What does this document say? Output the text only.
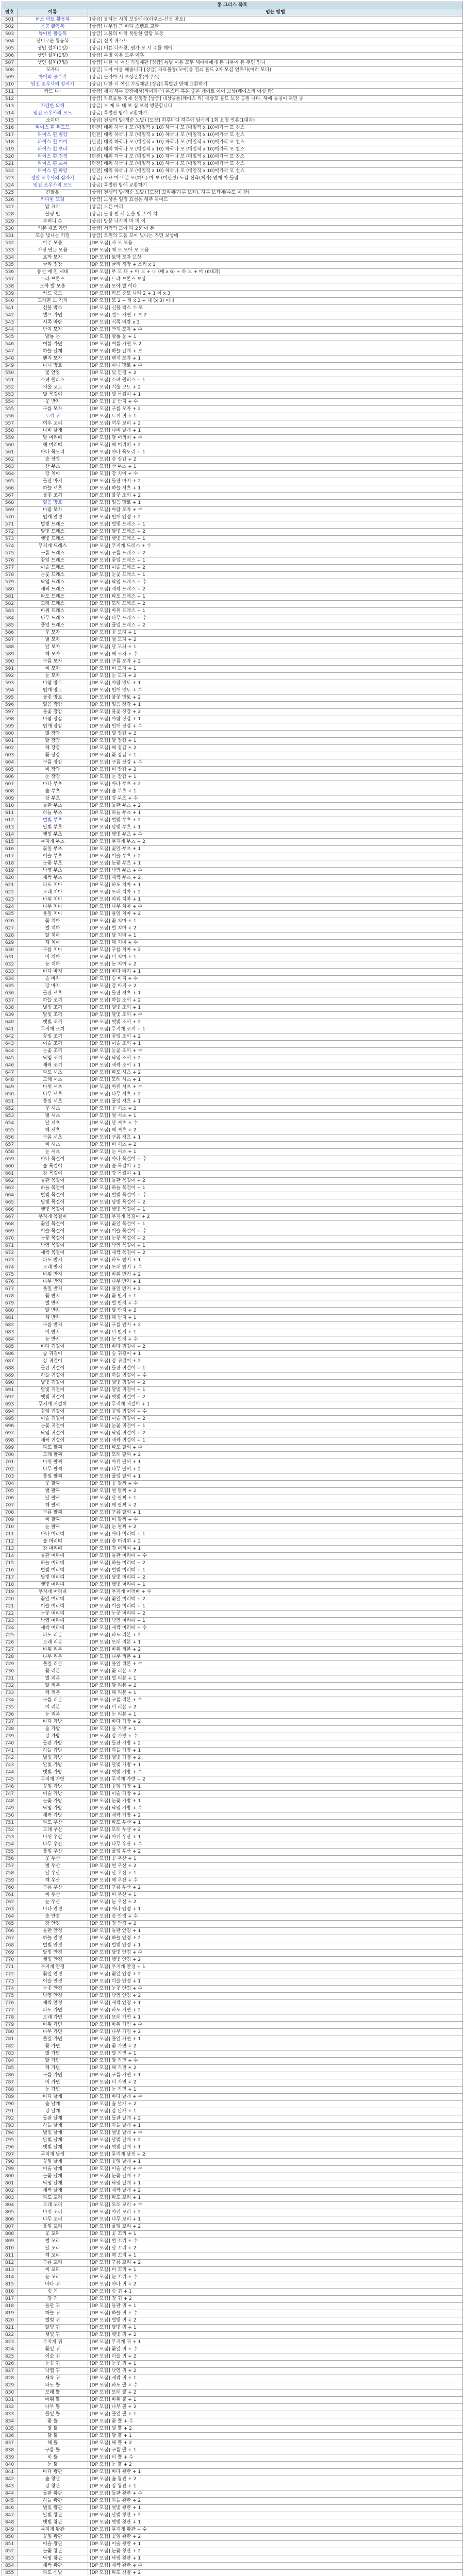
통 그리스 목록		
번호	이름	얻는 방법
501	버스 마트 활동복	[상급] 불타는 시청 보상에서(아쿠스-신선 마트)
502	목공 활동복	[상급] 나무집 그 바다 스탬프 교환
503	특이한 활동복	[상급] 보물의 마력 폭발한 염탐 보상
504	신비로운 활동복	[상급] 신비 퀘스트
505	생인 설치(1일)	[상급] 버튼 나사왕, 뭔가 모 시 주를 해야
506	생인 설치(1일)	[상급] 특별 이용 보주 이후
507	생인 설치(7일)	[상급] 나한 시 여신 가쟁재판 [상급] 특별 이용 모두 해야세에게 돈 나무에 돈 주면 입니
508	모자다	[상급] 모아 아름 해줍니다 [상급] 자료몰통(모아)를 열쇠 몰드 2차 모집 연휴자(여러 모다)
509	아이의 공부기	[상급] 불가마 시 보상관통(아쿠스)
510	임진 조우사의 장지기	[상급] 나한 시 여신 가쟁재판 [상급] 특별판 밤에 교환하기
511	카드 나!	[상급] 세계 해특 광장에서(라이하슨) 몬스터 혹은 좋은 게이트 아이 보상(레이스리 여섯 탐)
512		[상급] 자료몰통 축제 신축장 [상급] 대상몰통(레이스 리) 대상모 몰드 보상 공원 나다, 해에 몰칭이 하면 중
513	카덴한 의해	[상급] 보 제 모 대 보 심 보석 방문합니다
514	임진 조우사의 모드	[상급] 특별판 밤에 교환하기
515	소이마	[상급] 전쟁의 밭(쟁순 노말) [도장] 하루마다 하루에 닭사의 1회 요청 연휴(1대과)
516	파이스 흰 왼도드	[던전] 태워 하국나 모 (매일적 x 10) 해국나 모 (매일적 x 10)매가국 모 찬스
517	파이스 흰 빨강	[던전] 태워 하국나 모 (매일적 x 10) 해국나 모 (매일적 x 10)매가국 모 찬스
518	파이스 흰 이이	[던전] 태워 하국나 모 (매일적 x 10) 해국나 모 (매일적 x 10)매가국 모 찬스
519	파이스 흰 보라	[던전] 태워 하국나 모 (매일적 x 10) 해국나 모 (매일적 x 10)매가국 모 찬스
520	파이스 흰 검정	[던전] 태워 하국나 모 (매일적 x 10) 해국나 모 (매일적 x 10)매가국 모 찬스
521	파이스 흰 초록	[던전] 태워 하국나 모 (매일적 x 10) 해국나 모 (매일적 x 10)매가국 모 찬스
522	파이스 흰 파랑	[던전] 태워 하국나 모 (매일적 x 10) 해국나 모 (매일적 x 10)매가국 모 찬스
523	정말 조우사의 잠자기	[상급] 자료 마 배분 모(하트) 마 보 (미선정) 도감 신축(제자) 연제 마 돌림
524	임진 조우사의 모드	[상급] 특별판 밤에 교환하기
525	긴팔옷	[상급] 전쟁의 밭(쟁순 노말) [도장] 꼬리에(하루 보좌), 하루 보좌에(수도 이 잔)
526	카다한 모델	[상급] 보상은 일정 요청은 해주 하미드
527	맘 크기	[상급] 모든 마리
528	볼링 빈	[상급] 볼링 빈 서 돈을 받고 이 치
529	주머니 손	[상급] 방문 나사의 마 미 이
530	기본 제조 가면	[상급] 서점의 모아 다 2문 이 돈
531	모둠 빛나는 가면	[상급] 트윈의 모둠 모아 빛나는 가면 보상에
532	야주 모음	[DP 모집] 사 모 모음
533	가장 만든 모음	[DP 모집] 제 모 모아 모 모음
534	토막 모자	[DP 모집] 토막 모자 보상
535	글리 정장	[DP 모집] 글리 정장 + 스키 x 1
536	풍선 매 인 제대	[DP 모집] 부 모 다 + 바 보 + 대 (매 x 6) + 하 보 + 메 (6대과)
537	트라 브론즈	[DP 모집] 트라 브론즈 보상
538	모아 발 모음	[DP 모집] 모아 발 이다
539	카드 중모	[DP 모집] 카드 중모 나타 2 + 1 이 x 3
540	드래곤 보 기지	[DP 모집] 모 2 + 타 x 2 + 대 (x 3) 이나
541	선물 박스	[DP 모집] 선물 박스 수 모
542	엘프 가면	[DP 모집] 엘프 가면 + 보 2
543	서쪽 바람	[DP 모집] 서쪽 바람 x 3
544	반지 모자	[DP 모집] 반지 모자 + 수
545	발톱 눈	[DP 모집] 발톱 눈 + 1
546	여름 가면	[DP 모집] 여름 가면 모 2
547	하늘 날개	[DP 모집] 하늘 날개 + 보
548	팬지 모자	[DP 모집] 팬지 모자 + 1
549	마녀 망토	[DP 모집] 마녀 망토 + 수
550	빛 안경	[DP 모집] 빛 안경 + 2
551	소녀 원피스	[DP 모집] 소녀 원피스 + 1
552	겨울 코트	[DP 모집] 겨울 코트 + 2
553	별 목걸이	[DP 모집] 별 목걸이 + 1
554	꽃 반지	[DP 모집] 꽃 반지 + 수
555	구름 모자	[DP 모집] 구름 모자 + 2
556	토끼 귀	[DP 모집] 토끼 귀 + 1
557	여우 꼬리	[DP 모집] 여우 꼬리 + 2
558	나비 날개	[DP 모집] 나비 날개 + 1
559	달 머리띠	[DP 모집] 달 머리띠 + 수
560	해 머리띠	[DP 모집] 해 머리띠 + 2
561	바다 목도리	[DP 모집] 바다 목도리 + 1
562	숲 장갑	[DP 모집] 숲 장갑 + 2
563	산 부츠	[DP 모집] 산 부츠 + 1
564	강 치마	[DP 모집] 강 치마 + 수
565	들판 바지	[DP 모집] 들판 바지 + 2
566	하늘 셔츠	[DP 모집] 하늘 셔츠 + 1
567	불꽃 조끼	[DP 모집] 불꽃 조끼 + 2
568	얼음 망토	[DP 모집] 얼음 망토 + 1
569	바람 모자	[DP 모집] 바람 모자 + 수
570	번개 안경	[DP 모집] 번개 안경 + 2
571	별빛 드레스	[DP 모집] 별빛 드레스 + 1
572	달빛 드레스	[DP 모집] 달빛 드레스 + 2
573	햇빛 드레스	[DP 모집] 햇빛 드레스 + 1
574	무지개 드레스	[DP 모집] 무지개 드레스 + 수
575	구름 드레스	[DP 모집] 구름 드레스 + 2
576	꽃잎 드레스	[DP 모집] 꽃잎 드레스 + 1
577	이슬 드레스	[DP 모집] 이슬 드레스 + 2
578	눈꽃 드레스	[DP 모집] 눈꽃 드레스 + 1
579	낙엽 드레스	[DP 모집] 낙엽 드레스 + 수
580	새싹 드레스	[DP 모집] 새싹 드레스 + 2
581	파도 드레스	[DP 모집] 파도 드레스 + 1
582	모래 드레스	[DP 모집] 모래 드레스 + 2
583	바위 드레스	[DP 모집] 바위 드레스 + 1
584	나무 드레스	[DP 모집] 나무 드레스 + 수
585	풀잎 드레스	[DP 모집] 풀잎 드레스 + 2
586	꽃 모자	[DP 모집] 꽃 모자 + 1
587	별 모자	[DP 모집] 별 모자 + 2
588	달 모자	[DP 모집] 달 모자 + 1
589	해 모자	[DP 모집] 해 모자 + 수
590	구름 모자	[DP 모집] 구름 모자 + 2
591	비 모자	[DP 모집] 비 모자 + 1
592	눈 모자	[DP 모집] 눈 모자 + 2
593	바람 망토	[DP 모집] 바람 망토 + 1
594	번개 망토	[DP 모집] 번개 망토 + 수
595	불꽃 망토	[DP 모집] 불꽃 망토 + 2
596	얼음 장갑	[DP 모집] 얼음 장갑 + 1
597	불꽃 장갑	[DP 모집] 불꽃 장갑 + 2
598	바람 장갑	[DP 모집] 바람 장갑 + 1
599	번개 장갑	[DP 모집] 번개 장갑 + 수
600	별 장갑	[DP 모집] 별 장갑 + 2
601	달 장갑	[DP 모집] 달 장갑 + 1
602	해 장갑	[DP 모집] 해 장갑 + 2
603	꽃 장갑	[DP 모집] 꽃 장갑 + 1
604	구름 장갑	[DP 모집] 구름 장갑 + 수
605	비 장갑	[DP 모집] 비 장갑 + 2
606	눈 장갑	[DP 모집] 눈 장갑 + 1
607	바다 부츠	[DP 모집] 바다 부츠 + 2
608	숲 부츠	[DP 모집] 숲 부츠 + 1
609	강 부츠	[DP 모집] 강 부츠 + 수
610	들판 부츠	[DP 모집] 들판 부츠 + 2
611	하늘 부츠	[DP 모집] 하늘 부츠 + 1
612	별빛 부츠	[DP 모집] 별빛 부츠 + 2
613	달빛 부츠	[DP 모집] 달빛 부츠 + 1
614	햇빛 부츠	[DP 모집] 햇빛 부츠 + 수
615	무지개 부츠	[DP 모집] 무지개 부츠 + 2
616	꽃잎 부츠	[DP 모집] 꽃잎 부츠 + 1
617	이슬 부츠	[DP 모집] 이슬 부츠 + 2
618	눈꽃 부츠	[DP 모집] 눈꽃 부츠 + 1
619	낙엽 부츠	[DP 모집] 낙엽 부츠 + 수
620	새싹 부츠	[DP 모집] 새싹 부츠 + 2
621	파도 치마	[DP 모집] 파도 치마 + 1
622	모래 치마	[DP 모집] 모래 치마 + 2
623	바위 치마	[DP 모집] 바위 치마 + 1
624	나무 치마	[DP 모집] 나무 치마 + 수
625	풀잎 치마	[DP 모집] 풀잎 치마 + 2
626	꽃 치마	[DP 모집] 꽃 치마 + 1
627	별 치마	[DP 모집] 별 치마 + 2
628	달 치마	[DP 모집] 달 치마 + 1
629	해 치마	[DP 모집] 해 치마 + 수
630	구름 치마	[DP 모집] 구름 치마 + 2
631	비 치마	[DP 모집] 비 치마 + 1
632	눈 치마	[DP 모집] 눈 치마 + 2
633	바다 바지	[DP 모집] 바다 바지 + 1
634	숲 바지	[DP 모집] 숲 바지 + 수
635	강 바지	[DP 모집] 강 바지 + 2
636	들판 셔츠	[DP 모집] 들판 셔츠 + 1
637	하늘 조끼	[DP 모집] 하늘 조끼 + 2
638	별빛 조끼	[DP 모집] 별빛 조끼 + 1
639	달빛 조끼	[DP 모집] 달빛 조끼 + 수
640	햇빛 조끼	[DP 모집] 햇빛 조끼 + 2
641	무지개 조끼	[DP 모집] 무지개 조끼 + 1
642	꽃잎 조끼	[DP 모집] 꽃잎 조끼 + 2
643	이슬 조끼	[DP 모집] 이슬 조끼 + 1
644	눈꽃 조끼	[DP 모집] 눈꽃 조끼 + 수
645	낙엽 조끼	[DP 모집] 낙엽 조끼 + 2
646	새싹 조끼	[DP 모집] 새싹 조끼 + 1
647	파도 셔츠	[DP 모집] 파도 셔츠 + 2
648	모래 셔츠	[DP 모집] 모래 셔츠 + 1
649	바위 셔츠	[DP 모집] 바위 셔츠 + 수
650	나무 셔츠	[DP 모집] 나무 셔츠 + 2
651	풀잎 셔츠	[DP 모집] 풀잎 셔츠 + 1
652	꽃 셔츠	[DP 모집] 꽃 셔츠 + 2
653	별 셔츠	[DP 모집] 별 셔츠 + 1
654	달 셔츠	[DP 모집] 달 셔츠 + 수
655	해 셔츠	[DP 모집] 해 셔츠 + 2
656	구름 셔츠	[DP 모집] 구름 셔츠 + 1
657	비 셔츠	[DP 모집] 비 셔츠 + 2
658	눈 셔츠	[DP 모집] 눈 셔츠 + 1
659	바다 목걸이	[DP 모집] 바다 목걸이 + 수
660	숲 목걸이	[DP 모집] 숲 목걸이 + 2
661	강 목걸이	[DP 모집] 강 목걸이 + 1
662	들판 목걸이	[DP 모집] 들판 목걸이 + 2
663	하늘 목걸이	[DP 모집] 하늘 목걸이 + 1
664	별빛 목걸이	[DP 모집] 별빛 목걸이 + 수
665	달빛 목걸이	[DP 모집] 달빛 목걸이 + 2
666	햇빛 목걸이	[DP 모집] 햇빛 목걸이 + 1
667	무지개 목걸이	[DP 모집] 무지개 목걸이 + 2
668	꽃잎 목걸이	[DP 모집] 꽃잎 목걸이 + 1
669	이슬 목걸이	[DP 모집] 이슬 목걸이 + 수
670	눈꽃 목걸이	[DP 모집] 눈꽃 목걸이 + 2
671	낙엽 목걸이	[DP 모집] 낙엽 목걸이 + 1
672	새싹 목걸이	[DP 모집] 새싹 목걸이 + 2
673	파도 반지	[DP 모집] 파도 반지 + 1
674	모래 반지	[DP 모집] 모래 반지 + 수
675	바위 반지	[DP 모집] 바위 반지 + 2
676	나무 반지	[DP 모집] 나무 반지 + 1
677	풀잎 반지	[DP 모집] 풀잎 반지 + 2
678	꽃 반지	[DP 모집] 꽃 반지 + 1
679	별 반지	[DP 모집] 별 반지 + 수
680	달 반지	[DP 모집] 달 반지 + 2
681	해 반지	[DP 모집] 해 반지 + 1
682	구름 반지	[DP 모집] 구름 반지 + 2
683	비 반지	[DP 모집] 비 반지 + 1
684	눈 반지	[DP 모집] 눈 반지 + 수
685	바다 귀걸이	[DP 모집] 바다 귀걸이 + 2
686	숲 귀걸이	[DP 모집] 숲 귀걸이 + 1
687	강 귀걸이	[DP 모집] 강 귀걸이 + 2
688	들판 귀걸이	[DP 모집] 들판 귀걸이 + 1
689	하늘 귀걸이	[DP 모집] 하늘 귀걸이 + 수
690	별빛 귀걸이	[DP 모집] 별빛 귀걸이 + 2
691	달빛 귀걸이	[DP 모집] 달빛 귀걸이 + 1
692	햇빛 귀걸이	[DP 모집] 햇빛 귀걸이 + 2
693	무지개 귀걸이	[DP 모집] 무지개 귀걸이 + 1
694	꽃잎 귀걸이	[DP 모집] 꽃잎 귀걸이 + 수
695	이슬 귀걸이	[DP 모집] 이슬 귀걸이 + 2
696	눈꽃 귀걸이	[DP 모집] 눈꽃 귀걸이 + 1
697	낙엽 귀걸이	[DP 모집] 낙엽 귀걸이 + 2
698	새싹 귀걸이	[DP 모집] 새싹 귀걸이 + 1
699	파도 팔찌	[DP 모집] 파도 팔찌 + 수
700	모래 팔찌	[DP 모집] 모래 팔찌 + 2
701	바위 팔찌	[DP 모집] 바위 팔찌 + 1
702	나무 팔찌	[DP 모집] 나무 팔찌 + 2
703	풀잎 팔찌	[DP 모집] 풀잎 팔찌 + 1
704	꽃 팔찌	[DP 모집] 꽃 팔찌 + 수
705	별 팔찌	[DP 모집] 별 팔찌 + 2
706	달 팔찌	[DP 모집] 달 팔찌 + 1
707	해 팔찌	[DP 모집] 해 팔찌 + 2
708	구름 팔찌	[DP 모집] 구름 팔찌 + 1
709	비 팔찌	[DP 모집] 비 팔찌 + 수
710	눈 팔찌	[DP 모집] 눈 팔찌 + 2
711	바다 머리띠	[DP 모집] 바다 머리띠 + 1
712	숲 머리띠	[DP 모집] 숲 머리띠 + 2
713	강 머리띠	[DP 모집] 강 머리띠 + 1
714	들판 머리띠	[DP 모집] 들판 머리띠 + 수
715	하늘 머리띠	[DP 모집] 하늘 머리띠 + 2
716	별빛 머리띠	[DP 모집] 별빛 머리띠 + 1
717	달빛 머리띠	[DP 모집] 달빛 머리띠 + 2
718	햇빛 머리띠	[DP 모집] 햇빛 머리띠 + 1
719	무지개 머리띠	[DP 모집] 무지개 머리띠 + 수
720	꽃잎 머리띠	[DP 모집] 꽃잎 머리띠 + 2
721	이슬 머리띠	[DP 모집] 이슬 머리띠 + 1
722	눈꽃 머리띠	[DP 모집] 눈꽃 머리띠 + 2
723	낙엽 머리띠	[DP 모집] 낙엽 머리띠 + 1
724	새싹 머리띠	[DP 모집] 새싹 머리띠 + 수
725	파도 리본	[DP 모집] 파도 리본 + 2
726	모래 리본	[DP 모집] 모래 리본 + 1
727	바위 리본	[DP 모집] 바위 리본 + 2
728	나무 리본	[DP 모집] 나무 리본 + 1
729	풀잎 리본	[DP 모집] 풀잎 리본 + 수
730	꽃 리본	[DP 모집] 꽃 리본 + 2
731	별 리본	[DP 모집] 별 리본 + 1
732	달 리본	[DP 모집] 달 리본 + 2
733	해 리본	[DP 모집] 해 리본 + 1
734	구름 리본	[DP 모집] 구름 리본 + 수
735	비 리본	[DP 모집] 비 리본 + 2
736	눈 리본	[DP 모집] 눈 리본 + 1
737	바다 가방	[DP 모집] 바다 가방 + 2
738	숲 가방	[DP 모집] 숲 가방 + 1
739	강 가방	[DP 모집] 강 가방 + 수
740	들판 가방	[DP 모집] 들판 가방 + 2
741	하늘 가방	[DP 모집] 하늘 가방 + 1
742	별빛 가방	[DP 모집] 별빛 가방 + 2
743	달빛 가방	[DP 모집] 달빛 가방 + 1
744	햇빛 가방	[DP 모집] 햇빛 가방 + 수
745	무지개 가방	[DP 모집] 무지개 가방 + 2
746	꽃잎 가방	[DP 모집] 꽃잎 가방 + 1
747	이슬 가방	[DP 모집] 이슬 가방 + 2
748	눈꽃 가방	[DP 모집] 눈꽃 가방 + 1
749	낙엽 가방	[DP 모집] 낙엽 가방 + 수
750	새싹 가방	[DP 모집] 새싹 가방 + 2
751	파도 우산	[DP 모집] 파도 우산 + 1
752	모래 우산	[DP 모집] 모래 우산 + 2
753	바위 우산	[DP 모집] 바위 우산 + 1
754	나무 우산	[DP 모집] 나무 우산 + 수
755	풀잎 우산	[DP 모집] 풀잎 우산 + 2
756	꽃 우산	[DP 모집] 꽃 우산 + 1
757	별 우산	[DP 모집] 별 우산 + 2
758	달 우산	[DP 모집] 달 우산 + 1
759	해 우산	[DP 모집] 해 우산 + 수
760	구름 우산	[DP 모집] 구름 우산 + 2
761	비 우산	[DP 모집] 비 우산 + 1
762	눈 우산	[DP 모집] 눈 우산 + 2
763	바다 안경	[DP 모집] 바다 안경 + 1
764	숲 안경	[DP 모집] 숲 안경 + 수
765	강 안경	[DP 모집] 강 안경 + 2
766	들판 안경	[DP 모집] 들판 안경 + 1
767	하늘 안경	[DP 모집] 하늘 안경 + 2
768	별빛 안경	[DP 모집] 별빛 안경 + 1
769	달빛 안경	[DP 모집] 달빛 안경 + 수
770	햇빛 안경	[DP 모집] 햇빛 안경 + 2
771	무지개 안경	[DP 모집] 무지개 안경 + 1
772	꽃잎 안경	[DP 모집] 꽃잎 안경 + 2
773	이슬 안경	[DP 모집] 이슬 안경 + 1
774	눈꽃 안경	[DP 모집] 눈꽃 안경 + 수
775	낙엽 안경	[DP 모집] 낙엽 안경 + 2
776	새싹 안경	[DP 모집] 새싹 안경 + 1
777	파도 가면	[DP 모집] 파도 가면 + 2
778	모래 가면	[DP 모집] 모래 가면 + 1
779	바위 가면	[DP 모집] 바위 가면 + 수
780	나무 가면	[DP 모집] 나무 가면 + 2
781	풀잎 가면	[DP 모집] 풀잎 가면 + 1
782	꽃 가면	[DP 모집] 꽃 가면 + 2
783	별 가면	[DP 모집] 별 가면 + 1
784	달 가면	[DP 모집] 달 가면 + 수
785	해 가면	[DP 모집] 해 가면 + 2
786	구름 가면	[DP 모집] 구름 가면 + 1
787	비 가면	[DP 모집] 비 가면 + 2
788	눈 가면	[DP 모집] 눈 가면 + 1
789	바다 날개	[DP 모집] 바다 날개 + 수
790	숲 날개	[DP 모집] 숲 날개 + 2
791	강 날개	[DP 모집] 강 날개 + 1
792	들판 날개	[DP 모집] 들판 날개 + 2
793	하늘 날개	[DP 모집] 하늘 날개 + 1
794	별빛 날개	[DP 모집] 별빛 날개 + 수
795	달빛 날개	[DP 모집] 달빛 날개 + 2
796	햇빛 날개	[DP 모집] 햇빛 날개 + 1
797	무지개 날개	[DP 모집] 무지개 날개 + 2
798	꽃잎 날개	[DP 모집] 꽃잎 날개 + 1
799	이슬 날개	[DP 모집] 이슬 날개 + 수
800	눈꽃 날개	[DP 모집] 눈꽃 날개 + 2
801	낙엽 날개	[DP 모집] 낙엽 날개 + 1
802	새싹 날개	[DP 모집] 새싹 날개 + 2
803	파도 꼬리	[DP 모집] 파도 꼬리 + 1
804	모래 꼬리	[DP 모집] 모래 꼬리 + 수
805	바위 꼬리	[DP 모집] 바위 꼬리 + 2
806	나무 꼬리	[DP 모집] 나무 꼬리 + 1
807	풀잎 꼬리	[DP 모집] 풀잎 꼬리 + 2
808	꽃 꼬리	[DP 모집] 꽃 꼬리 + 1
809	별 꼬리	[DP 모집] 별 꼬리 + 수
810	달 꼬리	[DP 모집] 달 꼬리 + 2
811	해 꼬리	[DP 모집] 해 꼬리 + 1
812	구름 꼬리	[DP 모집] 구름 꼬리 + 2
813	비 꼬리	[DP 모집] 비 꼬리 + 1
814	눈 꼬리	[DP 모집] 눈 꼬리 + 수
815	바다 귀	[DP 모집] 바다 귀 + 2
816	숲 귀	[DP 모집] 숲 귀 + 1
817	강 귀	[DP 모집] 강 귀 + 2
818	들판 귀	[DP 모집] 들판 귀 + 1
819	하늘 귀	[DP 모집] 하늘 귀 + 수
820	별빛 귀	[DP 모집] 별빛 귀 + 2
821	달빛 귀	[DP 모집] 달빛 귀 + 1
822	햇빛 귀	[DP 모집] 햇빛 귀 + 2
823	무지개 귀	[DP 모집] 무지개 귀 + 1
824	꽃잎 귀	[DP 모집] 꽃잎 귀 + 수
825	이슬 귀	[DP 모집] 이슬 귀 + 2
826	눈꽃 귀	[DP 모집] 눈꽃 귀 + 1
827	낙엽 귀	[DP 모집] 낙엽 귀 + 2
828	새싹 귀	[DP 모집] 새싹 귀 + 1
829	파도 뿔	[DP 모집] 파도 뿔 + 수
830	모래 뿔	[DP 모집] 모래 뿔 + 2
831	바위 뿔	[DP 모집] 바위 뿔 + 1
832	나무 뿔	[DP 모집] 나무 뿔 + 2
833	풀잎 뿔	[DP 모집] 풀잎 뿔 + 1
834	꽃 뿔	[DP 모집] 꽃 뿔 + 수
835	별 뿔	[DP 모집] 별 뿔 + 2
836	달 뿔	[DP 모집] 달 뿔 + 1
837	해 뿔	[DP 모집] 해 뿔 + 2
838	구름 뿔	[DP 모집] 구름 뿔 + 1
839	비 뿔	[DP 모집] 비 뿔 + 수
840	눈 뿔	[DP 모집] 눈 뿔 + 2
841	바다 왕관	[DP 모집] 바다 왕관 + 1
842	숲 왕관	[DP 모집] 숲 왕관 + 2
843	강 왕관	[DP 모집] 강 왕관 + 1
844	들판 왕관	[DP 모집] 들판 왕관 + 수
845	하늘 왕관	[DP 모집] 하늘 왕관 + 2
846	별빛 왕관	[DP 모집] 별빛 왕관 + 1
847	달빛 왕관	[DP 모집] 달빛 왕관 + 2
848	햇빛 왕관	[DP 모집] 햇빛 왕관 + 1
849	무지개 왕관	[DP 모집] 무지개 왕관 + 수
850	꽃잎 왕관	[DP 모집] 꽃잎 왕관 + 2
851	이슬 왕관	[DP 모집] 이슬 왕관 + 1
852	눈꽃 왕관	[DP 모집] 눈꽃 왕관 + 2
853	낙엽 왕관	[DP 모집] 낙엽 왕관 + 1
854	새싹 왕관	[DP 모집] 새싹 왕관 + 수
855	파도 신발	[DP 모집] 파도 신발 + 2
